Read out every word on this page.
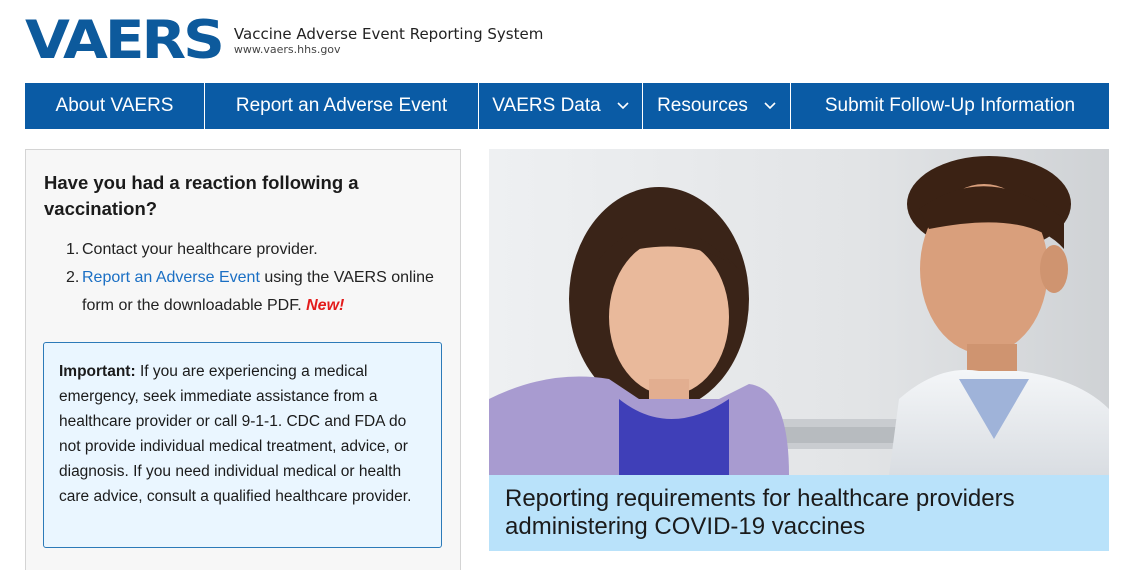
VAERS Vaccine Adverse Event Reporting System
www.vaers.hhs.gov
About VAERS	Report an Adverse Event VAERS Data	Resources	Submit Follow-Up Information
Have you had a reaction following a vaccination?
1. Contact your healthcare provider.
2. Report an Adverse Event using the VAERS online form or the downloadable PDF. New!
Important: If you are experiencing a medical emergency, seek immediate assistance from a healthcare provider or call 9-1-1. CDC and FDA do not provide individual medical treatment, advice, or diagnosis. If you need individual medical or health care advice, consult a qualified healthcare provider.	Reporting requirements for healthcare providers administering COVID-19 vaccines
